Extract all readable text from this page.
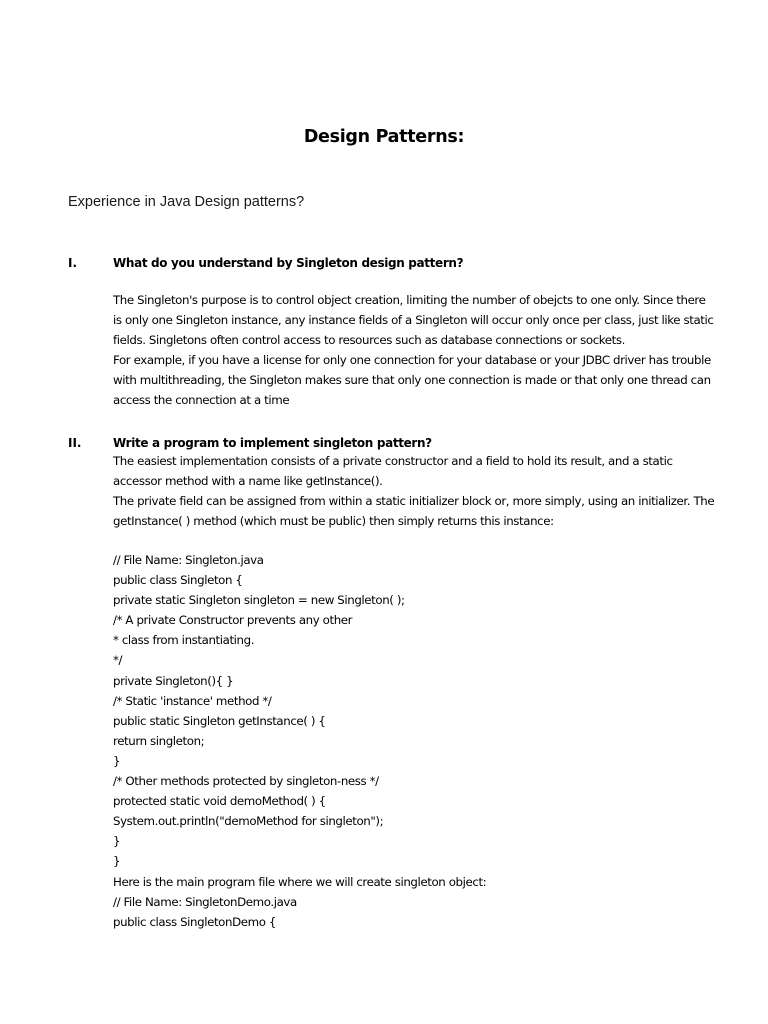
Design Patterns:
Experience in Java Design patterns?
I.	What do you understand by Singleton design pattern?
The Singleton's purpose is to control object creation, limiting the number of obejcts to one only. Since there
is only one Singleton instance, any instance fields of a Singleton will occur only once per class, just like static
fields. Singletons often control access to resources such as database connections or sockets.
For example, if you have a license for only one connection for your database or your JDBC driver has trouble
with multithreading, the Singleton makes sure that only one connection is made or that only one thread can
access the connection at a time
II.	Write a program to implement singleton pattern?
The easiest implementation consists of a private constructor and a field to hold its result, and a static
accessor method with a name like getInstance().
The private field can be assigned from within a static initializer block or, more simply, using an initializer. The
getInstance( ) method (which must be public) then simply returns this instance:
// File Name: Singleton.java
public class Singleton {
private static Singleton singleton = new Singleton( );
/* A private Constructor prevents any other
* class from instantiating.
*/
private Singleton(){ }
/* Static 'instance' method */
public static Singleton getInstance( ) {
return singleton;
}
/* Other methods protected by singleton-ness */
protected static void demoMethod( ) {
System.out.println("demoMethod for singleton");
}
}
Here is the main program file where we will create singleton object:
// File Name: SingletonDemo.java
public class SingletonDemo {
